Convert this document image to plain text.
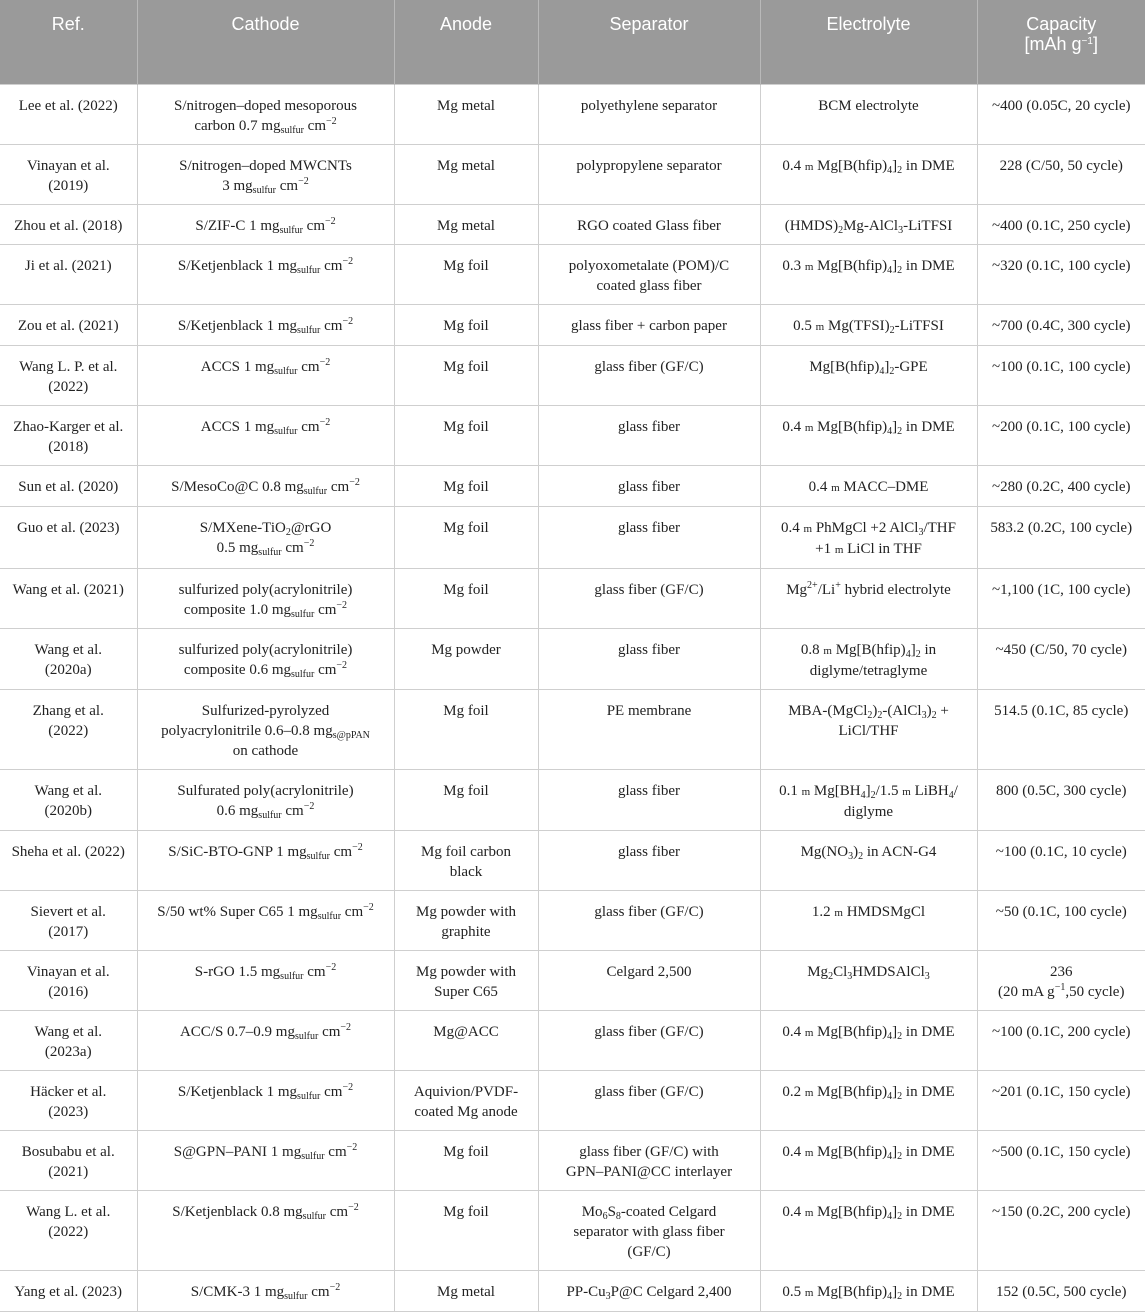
Ref.	Cathode	Anode	Separator	Electrolyte	Capacity
[mAh $g^{-1}$]
Lee et al. (2022)	S/nitrogen–doped mesoporous
carbon 0.7 $mg_{sulfur}$ $cm^{-2}$	Mg metal	polyethylene separator	BCM electrolyte	~400 (0.05C, 20 cycle)
Vinayan et al.
(2019)	S/nitrogen–doped MWCNTs
3 $mg_{sulfur}$ $cm^{-2}$	Mg metal	polypropylene separator	0.4 m $Mg[B(hfip)_4]_2$ in DME	228 (C/50, 50 cycle)
Zhou et al. (2018)	S/ZIF-C 1 $mg_{sulfur}$ $cm^{-2}$	Mg metal	RGO coated Glass fiber	$(HMDS)_2Mg-AlCl_3$-LiTFSI	~400 (0.1C, 250 cycle)
Ji et al. (2021)	S/Ketjenblack 1 $mg_{sulfur}$ $cm^{-2}$	Mg foil	polyoxometalate (POM)/C
coated glass fiber	0.3 m $Mg[B(hfip)_4]_2$ in DME	~320 (0.1C, 100 cycle)
Zou et al. (2021)	S/Ketjenblack 1 $mg_{sulfur}$ $cm^{-2}$	Mg foil	glass fiber + carbon paper	0.5 m $Mg(TFSI)_2$-LiTFSI	~700 (0.4C, 300 cycle)
Wang L. P. et al.
(2022)	ACCS 1 $mg_{sulfur}$ $cm^{-2}$	Mg foil	glass fiber (GF/C)	$Mg[B(hfip)_4]_2$-GPE	~100 (0.1C, 100 cycle)
Zhao-Karger et al.
(2018)	ACCS 1 $mg_{sulfur}$ $cm^{-2}$	Mg foil	glass fiber	0.4 m $Mg[B(hfip)_4]_2$ in DME	~200 (0.1C, 100 cycle)
Sun et al. (2020)	S/MesoCo@C 0.8 $mg_{sulfur}$ $cm^{-2}$	Mg foil	glass fiber	0.4 m MACC–DME	~280 (0.2C, 400 cycle)
Guo et al. (2023)	S/MXene-TiO$_2$@rGO
0.5 $mg_{sulfur}$ $cm^{-2}$	Mg foil	glass fiber	0.4 m PhMgCl +2 AlCl$_3$/THF
+1 m LiCl in THF	583.2 (0.2C, 100 cycle)
Wang et al. (2021)	sulfurized poly(acrylonitrile)
composite 1.0 $mg_{sulfur}$ $cm^{-2}$	Mg foil	glass fiber (GF/C)	$Mg^{2+}/Li^+$ hybrid electrolyte	~1,100 (1C, 100 cycle)
Wang et al.
(2020a)	sulfurized poly(acrylonitrile)
composite 0.6 $mg_{sulfur}$ $cm^{-2}$	Mg powder	glass fiber	0.8 m $Mg[B(hfip)_4]_2$ in
diglyme/tetraglyme	~450 (C/50, 70 cycle)
Zhang et al.
(2022)	Sulfurized-pyrolyzed
polyacrylonitrile 0.6–0.8 $mg_{s@pPAN}$
on cathode	Mg foil	PE membrane	MBA-$(MgCl_2)_2-(AlCl_3)_2$ +
LiCl/THF	514.5 (0.1C, 85 cycle)
Wang et al.
(2020b)	Sulfurated poly(acrylonitrile)
0.6 $mg_{sulfur}$ $cm^{-2}$	Mg foil	glass fiber	0.1 m $Mg[BH_4]_2/1.5$ m LiBH$_4$/
diglyme	800 (0.5C, 300 cycle)
Sheha et al. (2022)	S/SiC-BTO-GNP 1 $mg_{sulfur}$ $cm^{-2}$	Mg foil carbon
black	glass fiber	$Mg(NO_3)_2$ in ACN-G4	~100 (0.1C, 10 cycle)
Sievert et al.
(2017)	S/50 wt% Super C65 1 $mg_{sulfur}$ $cm^{-2}$	Mg powder with
graphite	glass fiber (GF/C)	1.2 m HMDSMgCl	~50 (0.1C, 100 cycle)
Vinayan et al.
(2016)	S-rGO 1.5 $mg_{sulfur}$ $cm^{-2}$	Mg powder with
Super C65	Celgard 2,500	$Mg_2Cl_3HMDSAlCl_3$	236
(20 mA $g^{-1},50$ cycle)
Wang et al.
(2023a)	ACC/S 0.7–0.9 $mg_{sulfur}$ $cm^{-2}$	Mg@ACC	glass fiber (GF/C)	0.4 m $Mg[B(hfip)_4]_2$ in DME	~100 (0.1C, 200 cycle)
Häcker et al.
(2023)	S/Ketjenblack 1 $mg_{sulfur}$ $cm^{-2}$	Aquivion/PVDF-
coated Mg anode	glass fiber (GF/C)	0.2 m $Mg[B(hfip)_4]_2$ in DME	~201 (0.1C, 150 cycle)
Bosubabu et al.
(2021)	S@GPN–PANI 1 $mg_{sulfur}$ $cm^{-2}$	Mg foil	glass fiber (GF/C) with
GPN–PANI@CC interlayer	0.4 m $Mg[B(hfip)_4]_2$ in DME	~500 (0.1C, 150 cycle)
Wang L. et al.
(2022)	S/Ketjenblack 0.8 $mg_{sulfur}$ $cm^{-2}$	Mg foil	$Mo_6S_8$-coated Celgard
separator with glass fiber
(GF/C)	0.4 m $Mg[B(hfip)_4]_2$ in DME	~150 (0.2C, 200 cycle)
Yang et al. (2023)	S/CMK-3 1 $mg_{sulfur}$ $cm^{-2}$	Mg metal	$PP-Cu_3P@C$ Celgard 2,400	0.5 m $Mg[B(hfip)_4]_2$ in DME	152 (0.5C, 500 cycle)
